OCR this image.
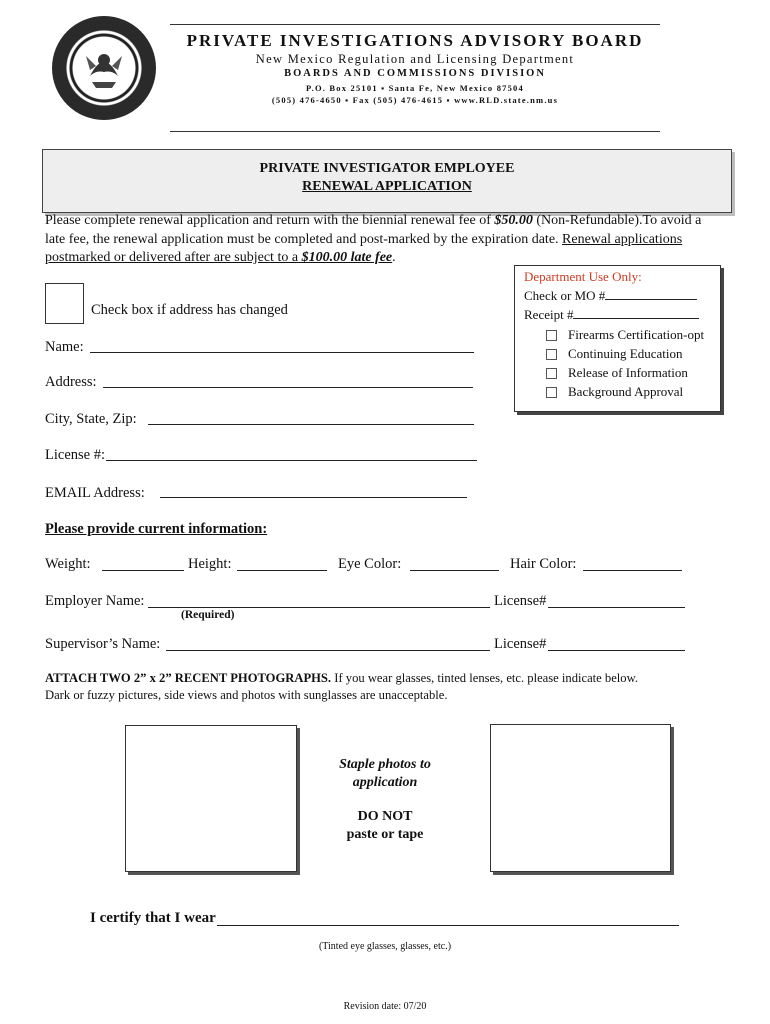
PRIVATE INVESTIGATIONS ADVISORY BOARD
New Mexico Regulation and Licensing Department
BOARDS AND COMMISSIONS DIVISION
P.O. Box 25101 ▪ Santa Fe, New Mexico 87504
(505) 476-4650 ▪ Fax (505) 476-4615 ▪ www.RLD.state.nm.us
PRIVATE INVESTIGATOR EMPLOYEE
RENEWAL APPLICATION
Please complete renewal application and return with the biennial renewal fee of $50.00 (Non-Refundable).To avoid a late fee, the renewal application must be completed and post-marked by the expiration date. Renewal applications postmarked or delivered after are subject to a $100.00 late fee.
Department Use Only:
Check or MO #
Receipt #
Firearms Certification-opt
Continuing Education
Release of Information
Background Approval
Check box if address has changed
Name:
Address:
City, State, Zip:
License #:
EMAIL Address:
Please provide current information:
Weight:	Height:	Eye Color:	Hair Color:
Employer Name:	License#
(Required)
Supervisor’s Name:	License#
ATTACH TWO 2” x 2” RECENT PHOTOGRAPHS. If you wear glasses, tinted lenses, etc. please indicate below.
Dark or fuzzy pictures, side views and photos with sunglasses are unacceptable.
Staple photos to
application
DO NOT
paste or tape
I certify that I wear
(Tinted eye glasses, glasses, etc.)
Revision date: 07/20
